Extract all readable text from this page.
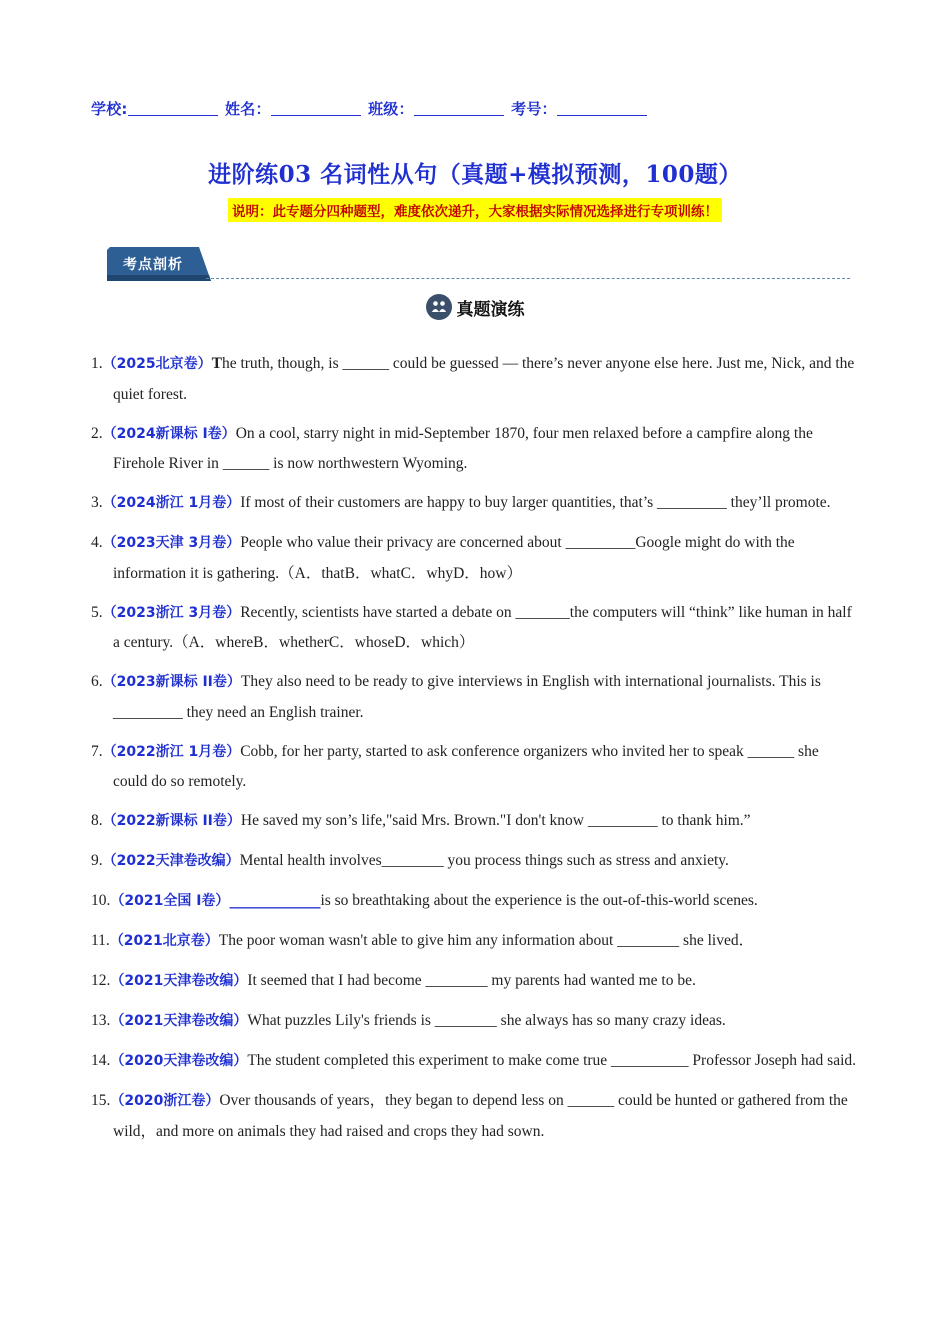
学校:	姓名：	班级：	考号：
进阶练03 名词性从句（真题+模拟预测，100题）
说明：此专题分四种题型，难度依次递升，大家根据实际情况选择进行专项训练！
考点剖析
真题演练
1.（2025北京卷）The truth, though, is ______ could be guessed — there’s never anyone else here. Just me, Nick, and the quiet forest.
2.（2024新课标 Ⅰ卷）On a cool, starry night in mid-September 1870, four men relaxed before a campfire along the Firehole River in ______ is now northwestern Wyoming.
3.（2024浙江 1月卷）If most of their customers are happy to buy larger quantities, that’s _________ they’ll promote.
4.（2023天津 3月卷）People who value their privacy are concerned about _________Google might do with the information it is gathering.（A．thatB．whatC．whyD．how）
5.（2023浙江 3月卷）Recently, scientists have started a debate on _______the computers will “think” like human in half a century.（A．whereB．whetherC．whoseD．which）
6.（2023新课标 II卷）They also need to be ready to give interviews in English with international journalists. This is _________ they need an English trainer.
7.（2022浙江 1月卷）Cobb, for her party, started to ask conference organizers who invited her to speak ______ she could do so remotely.
8.（2022新课标 II卷）He saved my son’s life,"said Mrs. Brown."I don't know _________ to thank him.”
9.（2022天津卷改编）Mental health involves________ you process things such as stress and anxiety.
10.（2021全国 I卷）_____________is so breathtaking about the experience is the out-of-this-world scenes.
11.（2021北京卷）The poor woman wasn't able to give him any information about ________ she lived．
12.（2021天津卷改编）It seemed that I had become ________ my parents had wanted me to be.
13.（2021天津卷改编）What puzzles Lily's friends is ________ she always has so many crazy ideas.
14.（2020天津卷改编）The student completed this experiment to make come true __________ Professor Joseph had said.
15.（2020浙江卷）Over thousands of years，they began to depend less on ______ could be hunted or gathered from the wild，and more on animals they had raised and crops they had sown.
